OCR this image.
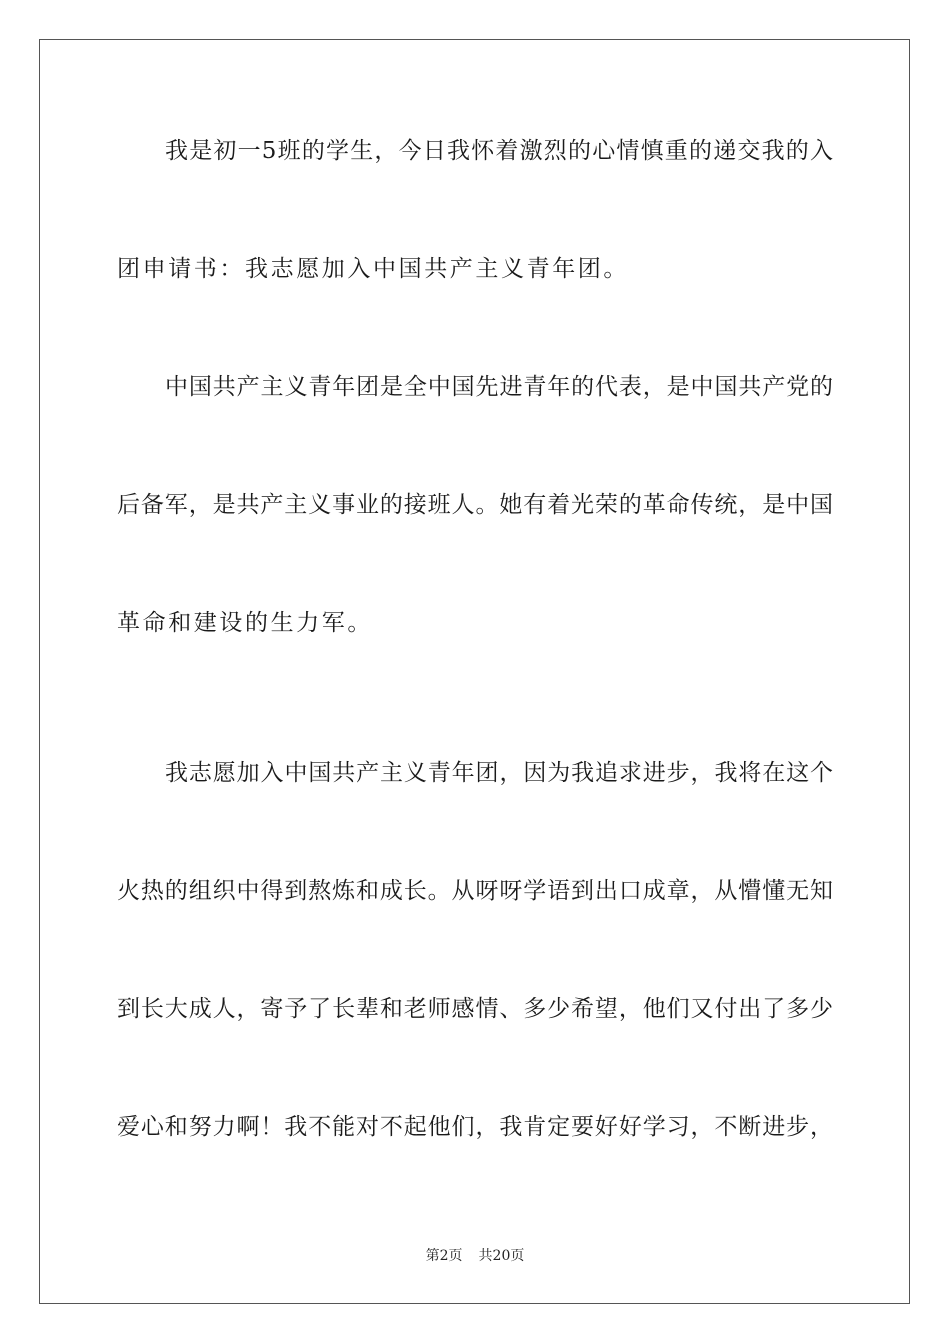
我是初一5班的学生，今日我怀着激烈的心情慎重的递交我的入
团申请书：我志愿加入中国共产主义青年团。
中国共产主义青年团是全中国先进青年的代表，是中国共产党的
后备军，是共产主义事业的接班人。她有着光荣的革命传统，是中国
革命和建设的生力军。
我志愿加入中国共产主义青年团，因为我追求进步，我将在这个
火热的组织中得到熬炼和成长。从呀呀学语到出口成章，从懵懂无知
到长大成人，寄予了长辈和老师感情、多少希望，他们又付出了多少
爱心和努力啊！我不能对不起他们，我肯定要好好学习，不断进步，
第2页 共20页
